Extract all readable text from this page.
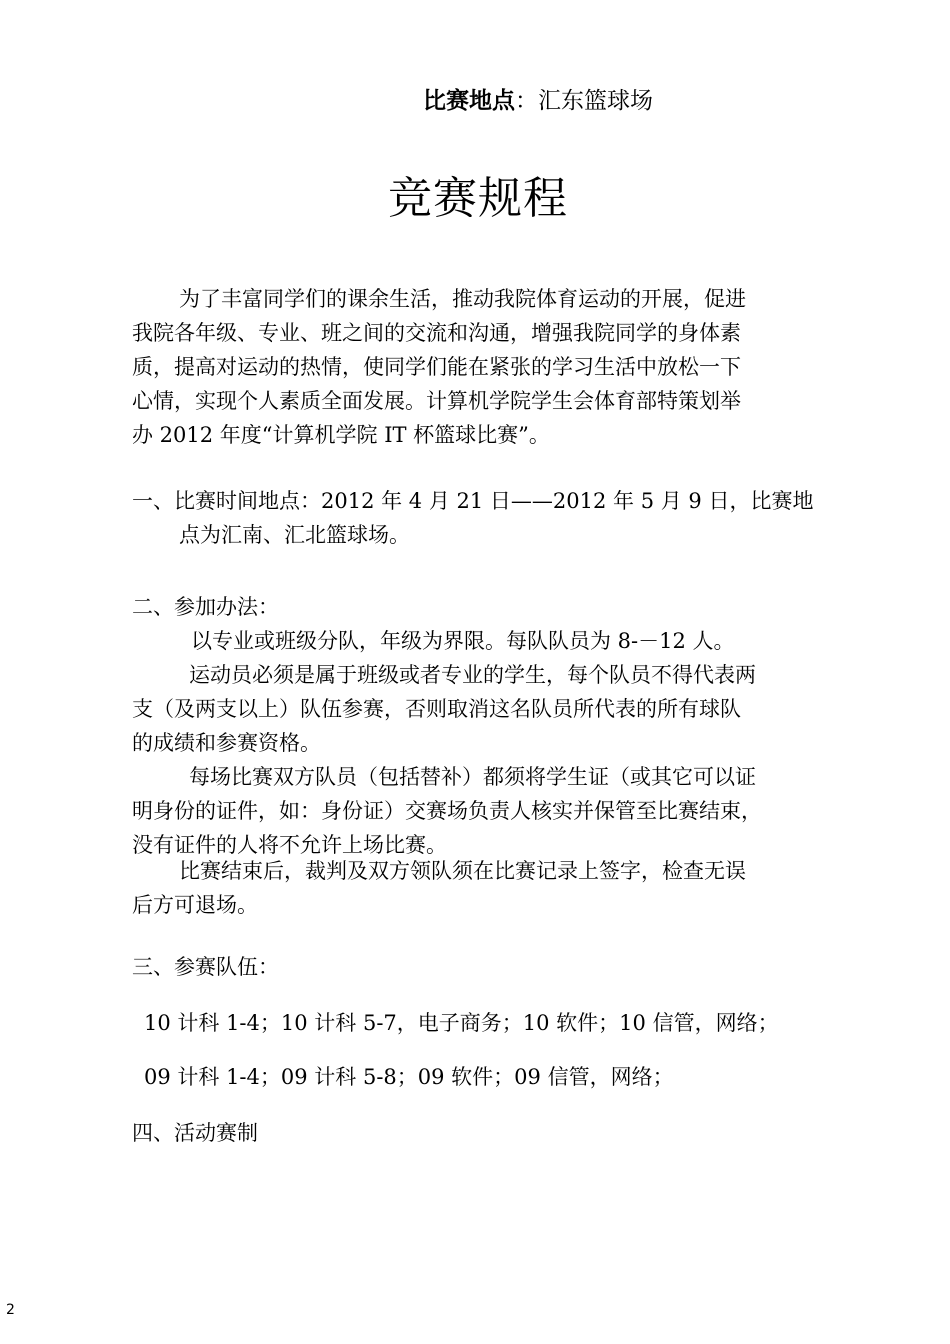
比赛地点：汇东篮球场
竞赛规程
为了丰富同学们的课余生活，推动我院体育运动的开展，促进
我院各年级、专业、班之间的交流和沟通，增强我院同学的身体素
质，提高对运动的热情，使同学们能在紧张的学习生活中放松一下
心情，实现个人素质全面发展。计算机学院学生会体育部特策划举
办 2012 年度“计算机学院 IT 杯篮球比赛”。
一、比赛时间地点：2012 年 4 月 21 日——2012 年 5 月 9 日，比赛地
点为汇南、汇北篮球场。
二、参加办法：
以专业或班级分队，年级为界限。每队队员为 8-－12 人。
运动员必须是属于班级或者专业的学生，每个队员不得代表两
支（及两支以上）队伍参赛，否则取消这名队员所代表的所有球队
的成绩和参赛资格。
每场比赛双方队员（包括替补）都须将学生证（或其它可以证
明身份的证件，如：身份证）交赛场负责人核实并保管至比赛结束，
没有证件的人将不允许上场比赛。
比赛结束后，裁判及双方领队须在比赛记录上签字，检查无误
后方可退场。
三、参赛队伍：
10 计科 1-4；10 计科 5-7，电子商务；10 软件；10 信管，网络；
09 计科 1-4；09 计科 5-8；09 软件；09 信管，网络；
四、活动赛制
2
